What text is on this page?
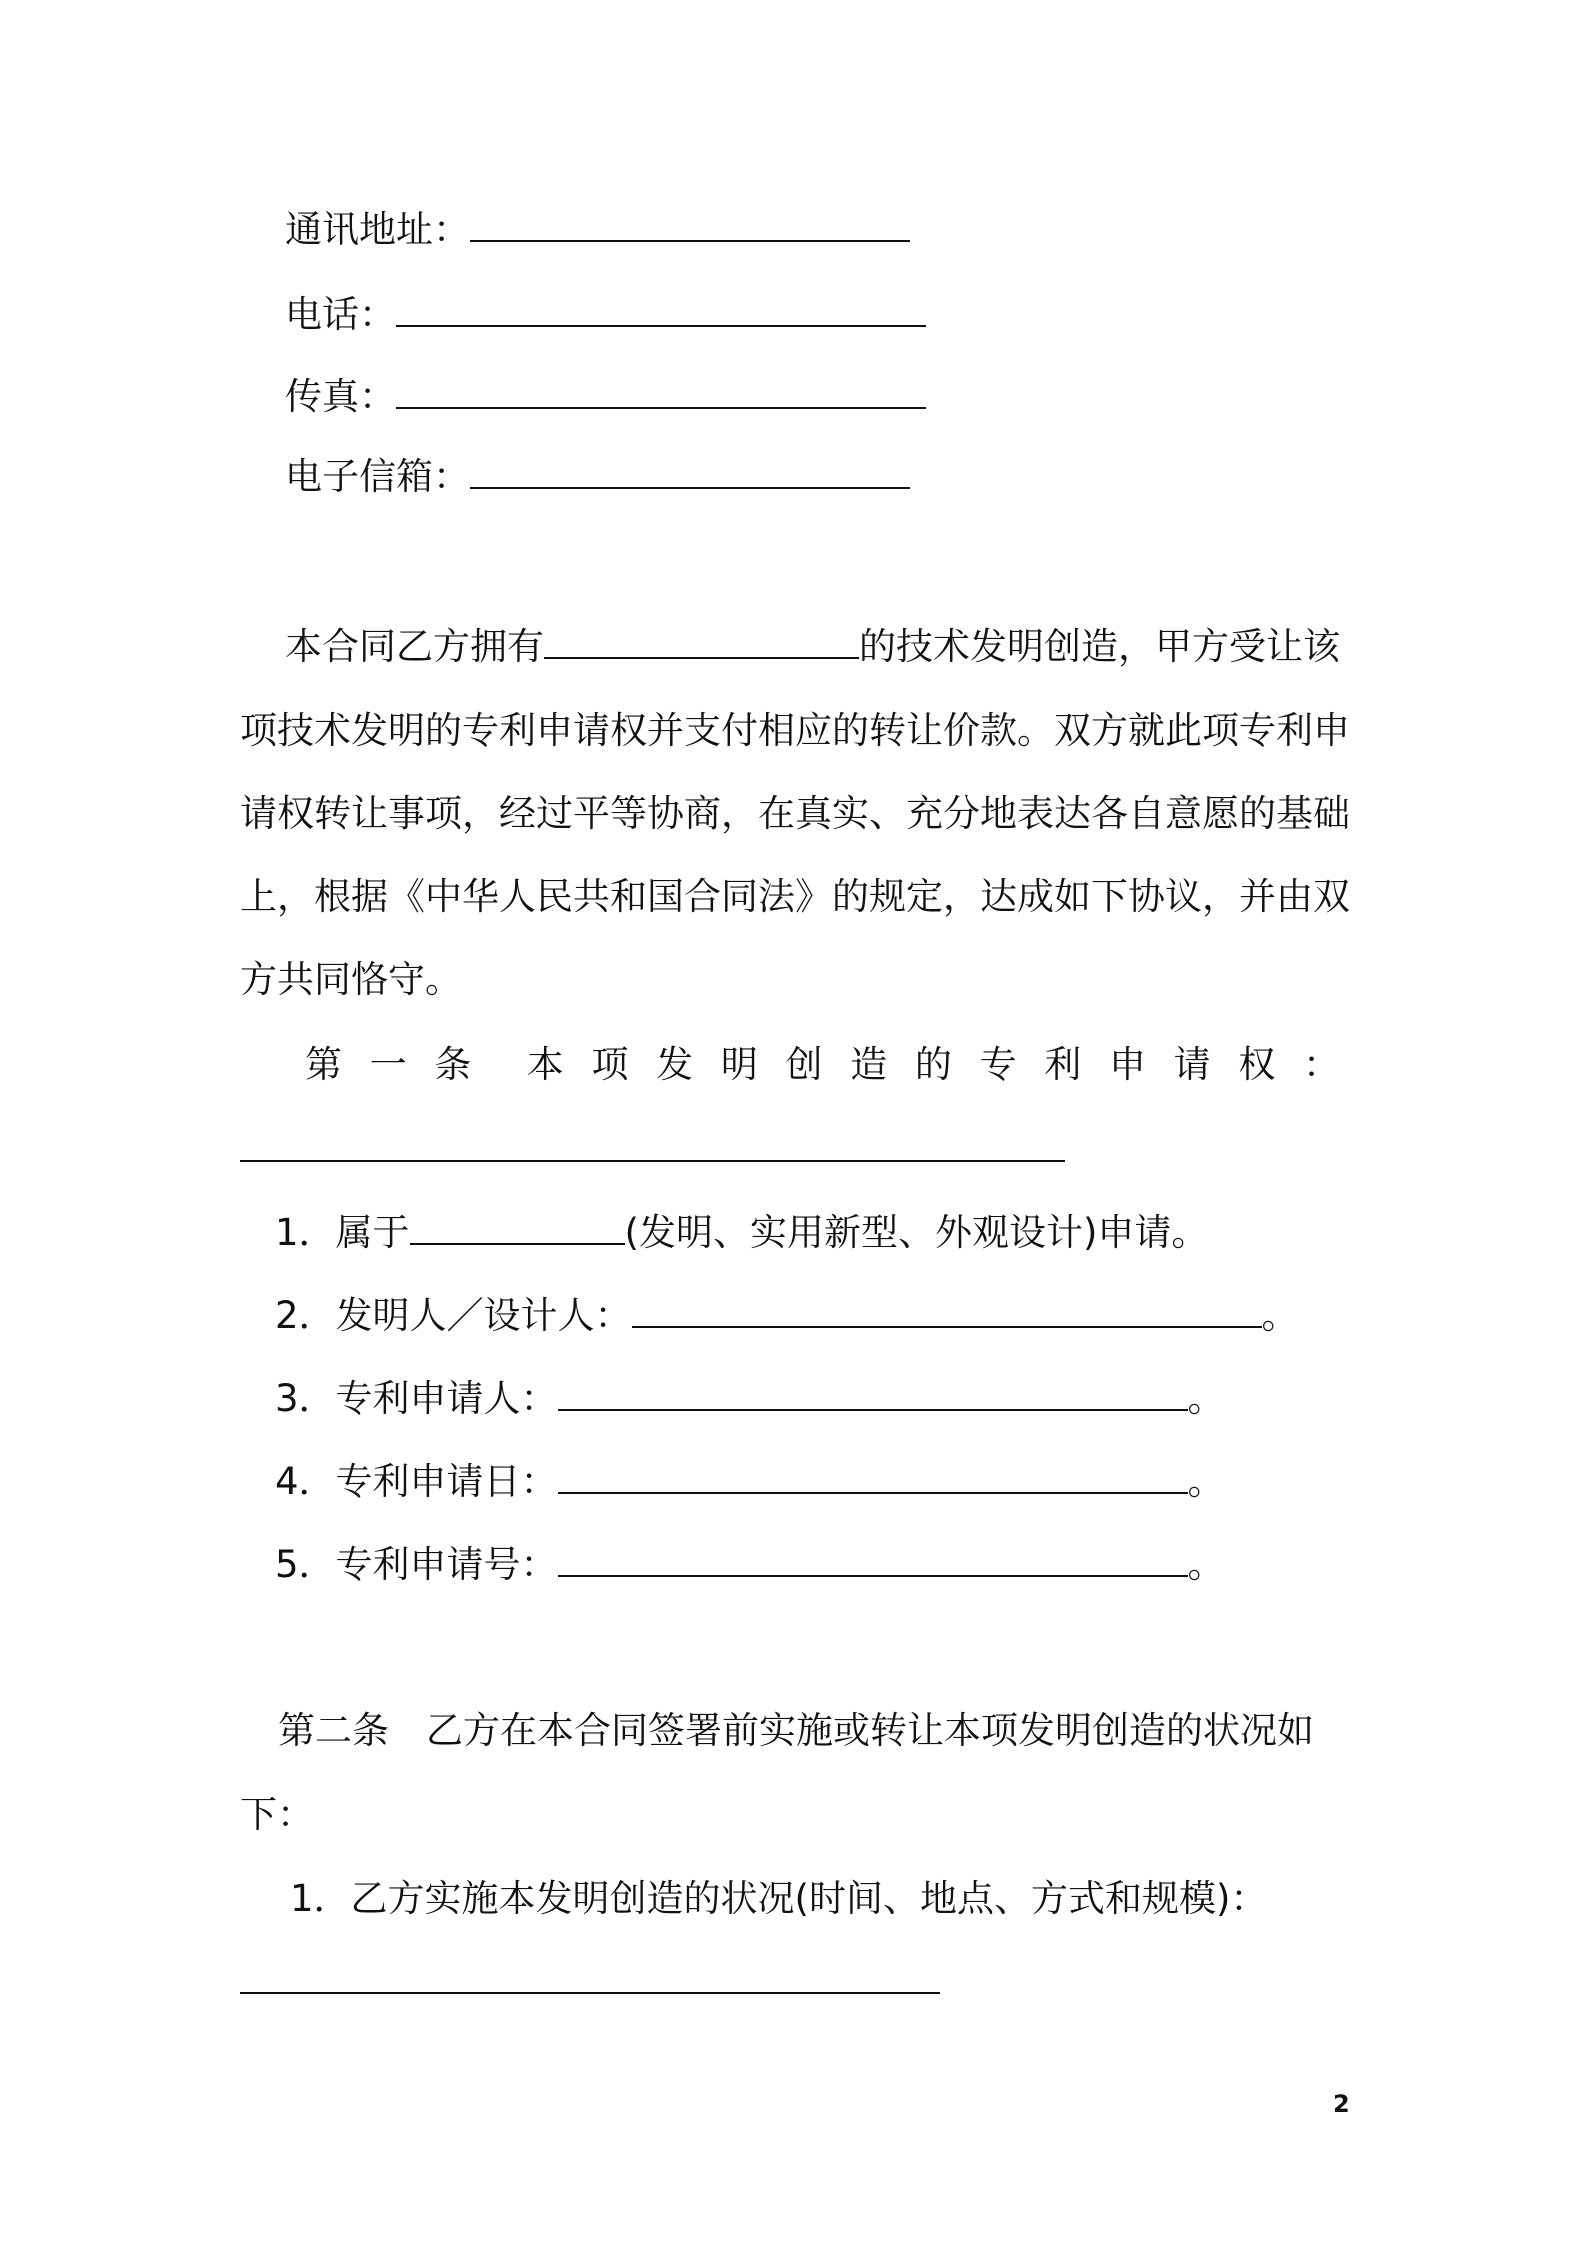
通讯地址：
电话：
传真：
电子信箱：
本合同乙方拥有	的技术发明创造，甲方受让该
项技术发明的专利申请权并支付相应的转让价款。双方就此项专利申
请权转让事项，经过平等协商，在真实、充分地表达各自意愿的基础
上，根据《中华人民共和国合同法》的规定，达成如下协议，并由双
方共同恪守。
第 一 条 本 项 发 明 创 造 的 专 利 申 请 权 ：
1．属于	(发明、实用新型、外观设计)申请。
2．发明人／设计人：	。
3．专利申请人：	。
4．专利申请日：	。
5．专利申请号：	。
第二条　乙方在本合同签署前实施或转让本项发明创造的状况如
下：
1．乙方实施本发明创造的状况(时间、地点、方式和规模)：
2
